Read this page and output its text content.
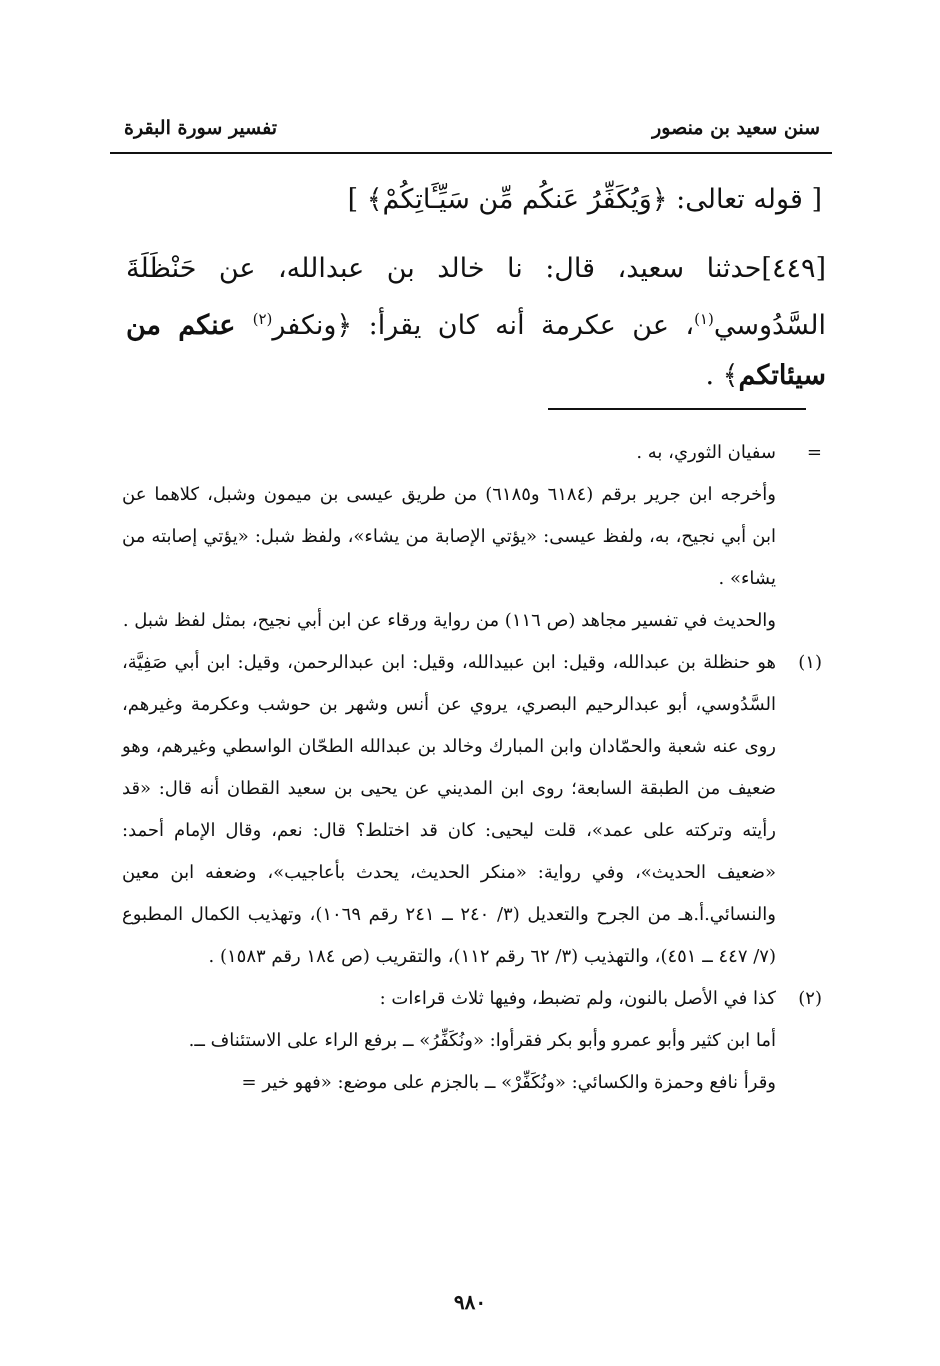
سنن سعيد بن منصور
تفسير سورة البقرة
[ قوله تعالى: ﴿وَيُكَفِّرُ عَنكُم مِّن سَيِّـَٔاتِكُمْ﴾ ]
[٤٤٩]حدثنا سعيد، قال: نا خالد بن عبدالله، عن حَنْظَلَةَ السَّدُوسي$^{(١)}$، عن عكرمة أنه كان يقرأ: ﴿ونكفر$^{(٢)}$ عنكم من سيئاتكم﴾ .
=
سفيان الثوري، به .
وأخرجه ابن جرير برقم (٦١٨٤ و٦١٨٥) من طريق عيسى بن ميمون وشبل، كلاهما عن ابن أبي نجيح، به، ولفظ عيسى: «يؤتي الإصابة من يشاء»، ولفظ شبل: «يؤتي إصابته من يشاء» .
والحديث في تفسير مجاهد (ص ١١٦) من رواية ورقاء عن ابن أبي نجيح، بمثل لفظ شبل .
(١)
هو حنظلة بن عبدالله، وقيل: ابن عبيدالله، وقيل: ابن عبدالرحمن، وقيل: ابن أبي صَفِيَّة، السَّدُوسي، أبو عبدالرحيم البصري، يروي عن أنس وشهر بن حوشب وعكرمة وغيرهم، روى عنه شعبة والحمّادان وابن المبارك وخالد بن عبدالله الطحّان الواسطي وغيرهم، وهو ضعيف من الطبقة السابعة؛ روى ابن المديني عن يحيى بن سعيد القطان أنه قال: «قد رأيته وتركته على عمد»، قلت ليحيى: كان قد اختلط؟ قال: نعم، وقال الإمام أحمد: «ضعيف الحديث»، وفي رواية: «منكر الحديث، يحدث بأعاجيب»، وضعفه ابن معين والنسائي.أ.هـ من الجرح والتعديل (٣/ ٢٤٠ ــ ٢٤١ رقم ١٠٦٩)، وتهذيب الكمال المطبوع (٧/ ٤٤٧ ــ ٤٥١)، والتهذيب (٣/ ٦٢ رقم ١١٢)، والتقريب (ص ١٨٤ رقم ١٥٨٣) .
(٢)
كذا في الأصل بالنون، ولم تضبط، وفيها ثلاث قراءات :
أما ابن كثير وأبو عمرو وأبو بكر فقرأوا: «ونُكَفِّرُ» ــ برفع الراء على الاستئناف ــ.
وقرأ نافع وحمزة والكسائي: «ونُكَفِّرْ» ــ بالجزم على موضع: «فهو خير =
٩٨٠
